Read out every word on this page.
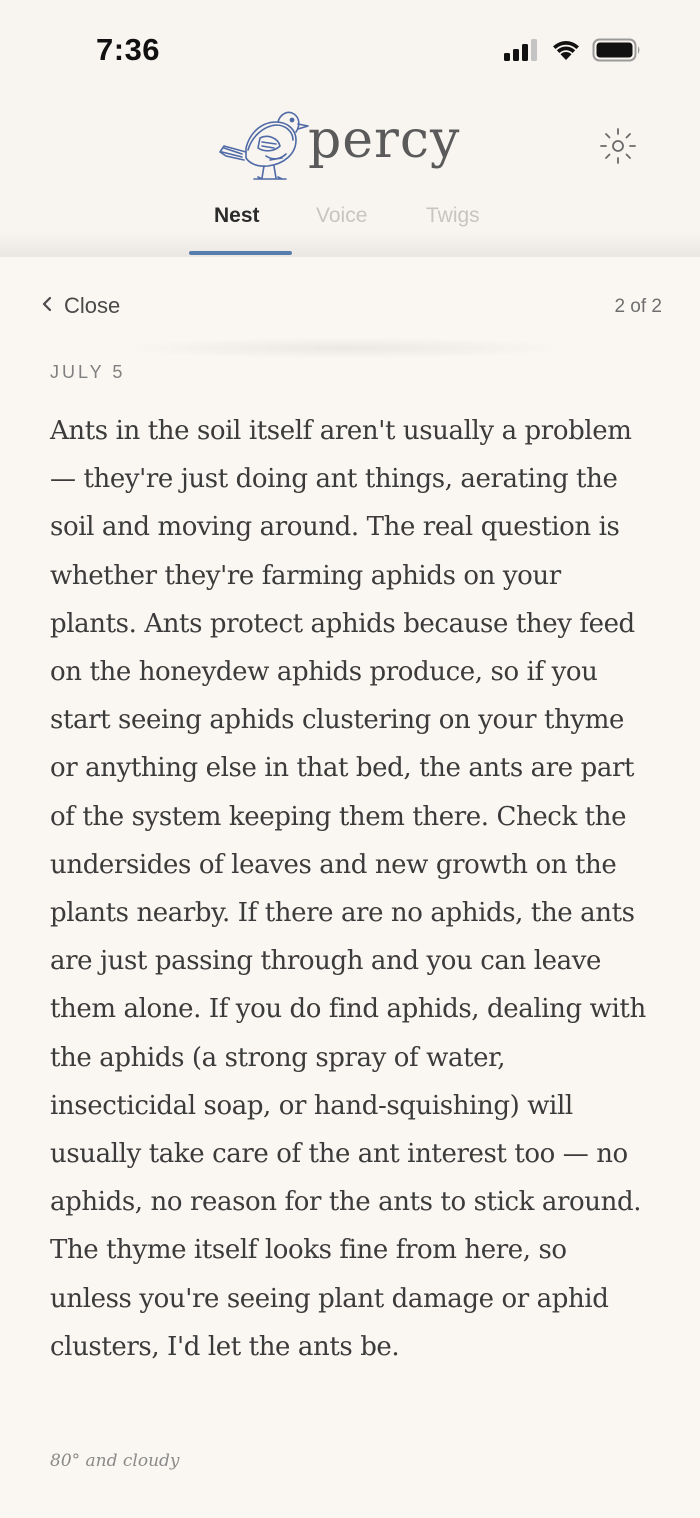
7:36
percy
Nest	Voice	Twigs
Close	2 of 2
JULY 5

Ants in the soil itself aren't usually a problem — they're just doing ant things, aerating the soil and moving around. The real question is whether they're farming aphids on your plants. Ants protect aphids because they feed on the honeydew aphids produce, so if you start seeing aphids clustering on your thyme or anything else in that bed, the ants are part of the system keeping them there. Check the undersides of leaves and new growth on the plants nearby. If there are no aphids, the ants are just passing through and you can leave them alone. If you do find aphids, dealing with the aphids (a strong spray of water, insecticidal soap, or hand-squishing) will usually take care of the ant interest too — no aphids, no reason for the ants to stick around. The thyme itself looks fine from here, so unless you're seeing plant damage or aphid clusters, I'd let the ants be.

80° and cloudy
